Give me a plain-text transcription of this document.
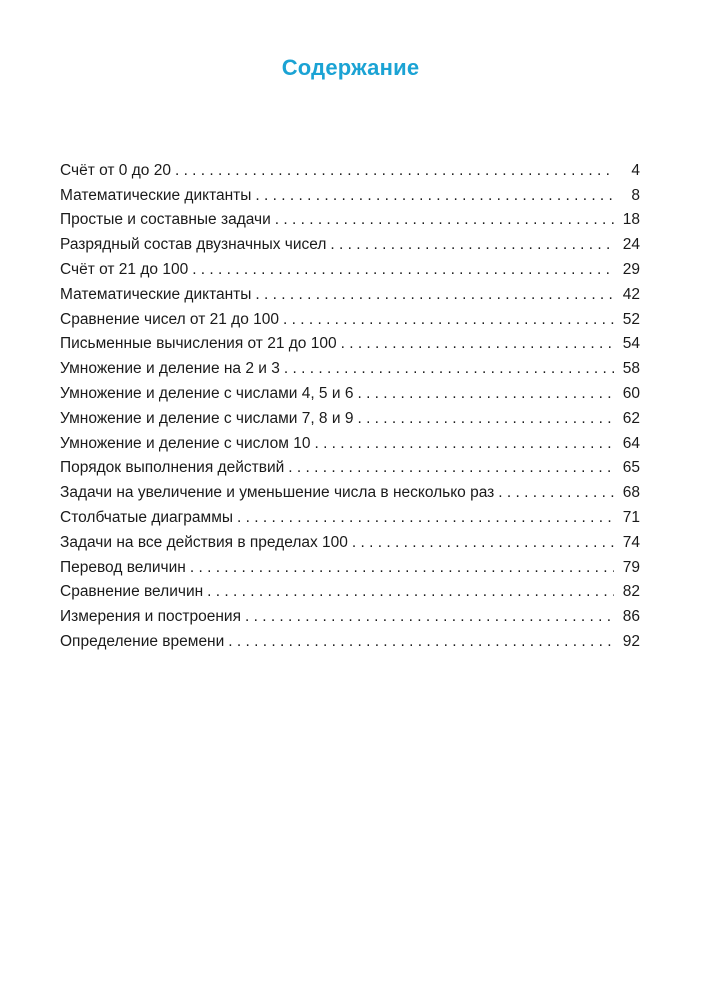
Содержание
Счёт от 0 до 20 . . .	4
Математические диктанты . . .	8
Простые и составные задачи . . .	18
Разрядный состав двузначных чисел . . .	24
Счёт от 21 до 100 . . .	29
Математические диктанты . . .	42
Сравнение чисел от 21 до 100 . . .	52
Письменные вычисления от 21 до 100 . . .	54
Умножение и деление на 2 и 3 . . .	58
Умножение и деление с числами 4, 5 и 6 . . .	60
Умножение и деление с числами 7, 8 и 9 . . .	62
Умножение и деление с числом 10 . . .	64
Порядок выполнения действий . . .	65
Задачи на увеличение и уменьшение числа в несколько раз . . .	68
Столбчатые диаграммы . . .	71
Задачи на все действия в пределах 100 . . .	74
Перевод величин . . .	79
Сравнение величин . . .	82
Измерения и построения . . .	86
Определение времени . . .	92
